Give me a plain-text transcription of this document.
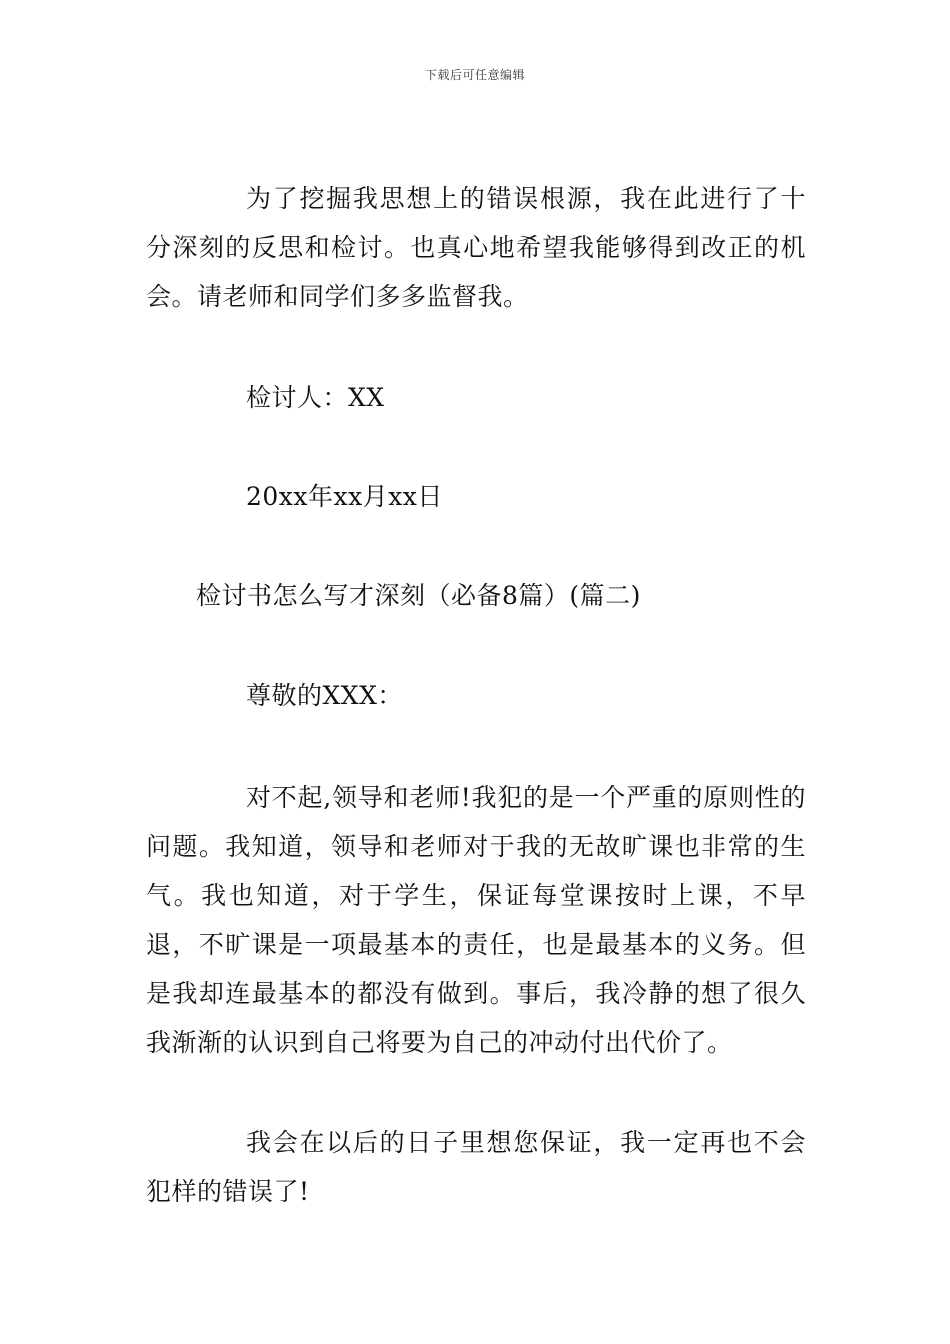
下载后可任意编辑

为了挖掘我思想上的错误根源，我在此进行了十分深刻的反思和检讨。也真心地希望我能够得到改正的机会。请老师和同学们多多监督我。

检讨人：XX

20xx年xx月xx日

检讨书怎么写才深刻（必备8篇）(篇二)

尊敬的XXX：

对不起,领导和老师!我犯的是一个严重的原则性的问题。我知道，领导和老师对于我的无故旷课也非常的生气。我也知道，对于学生，保证每堂课按时上课，不早退，不旷课是一项最基本的责任，也是最基本的义务。但是我却连最基本的都没有做到。事后，我冷静的想了很久我渐渐的认识到自己将要为自己的冲动付出代价了。

我会在以后的日子里想您保证，我一定再也不会犯样的错误了!
